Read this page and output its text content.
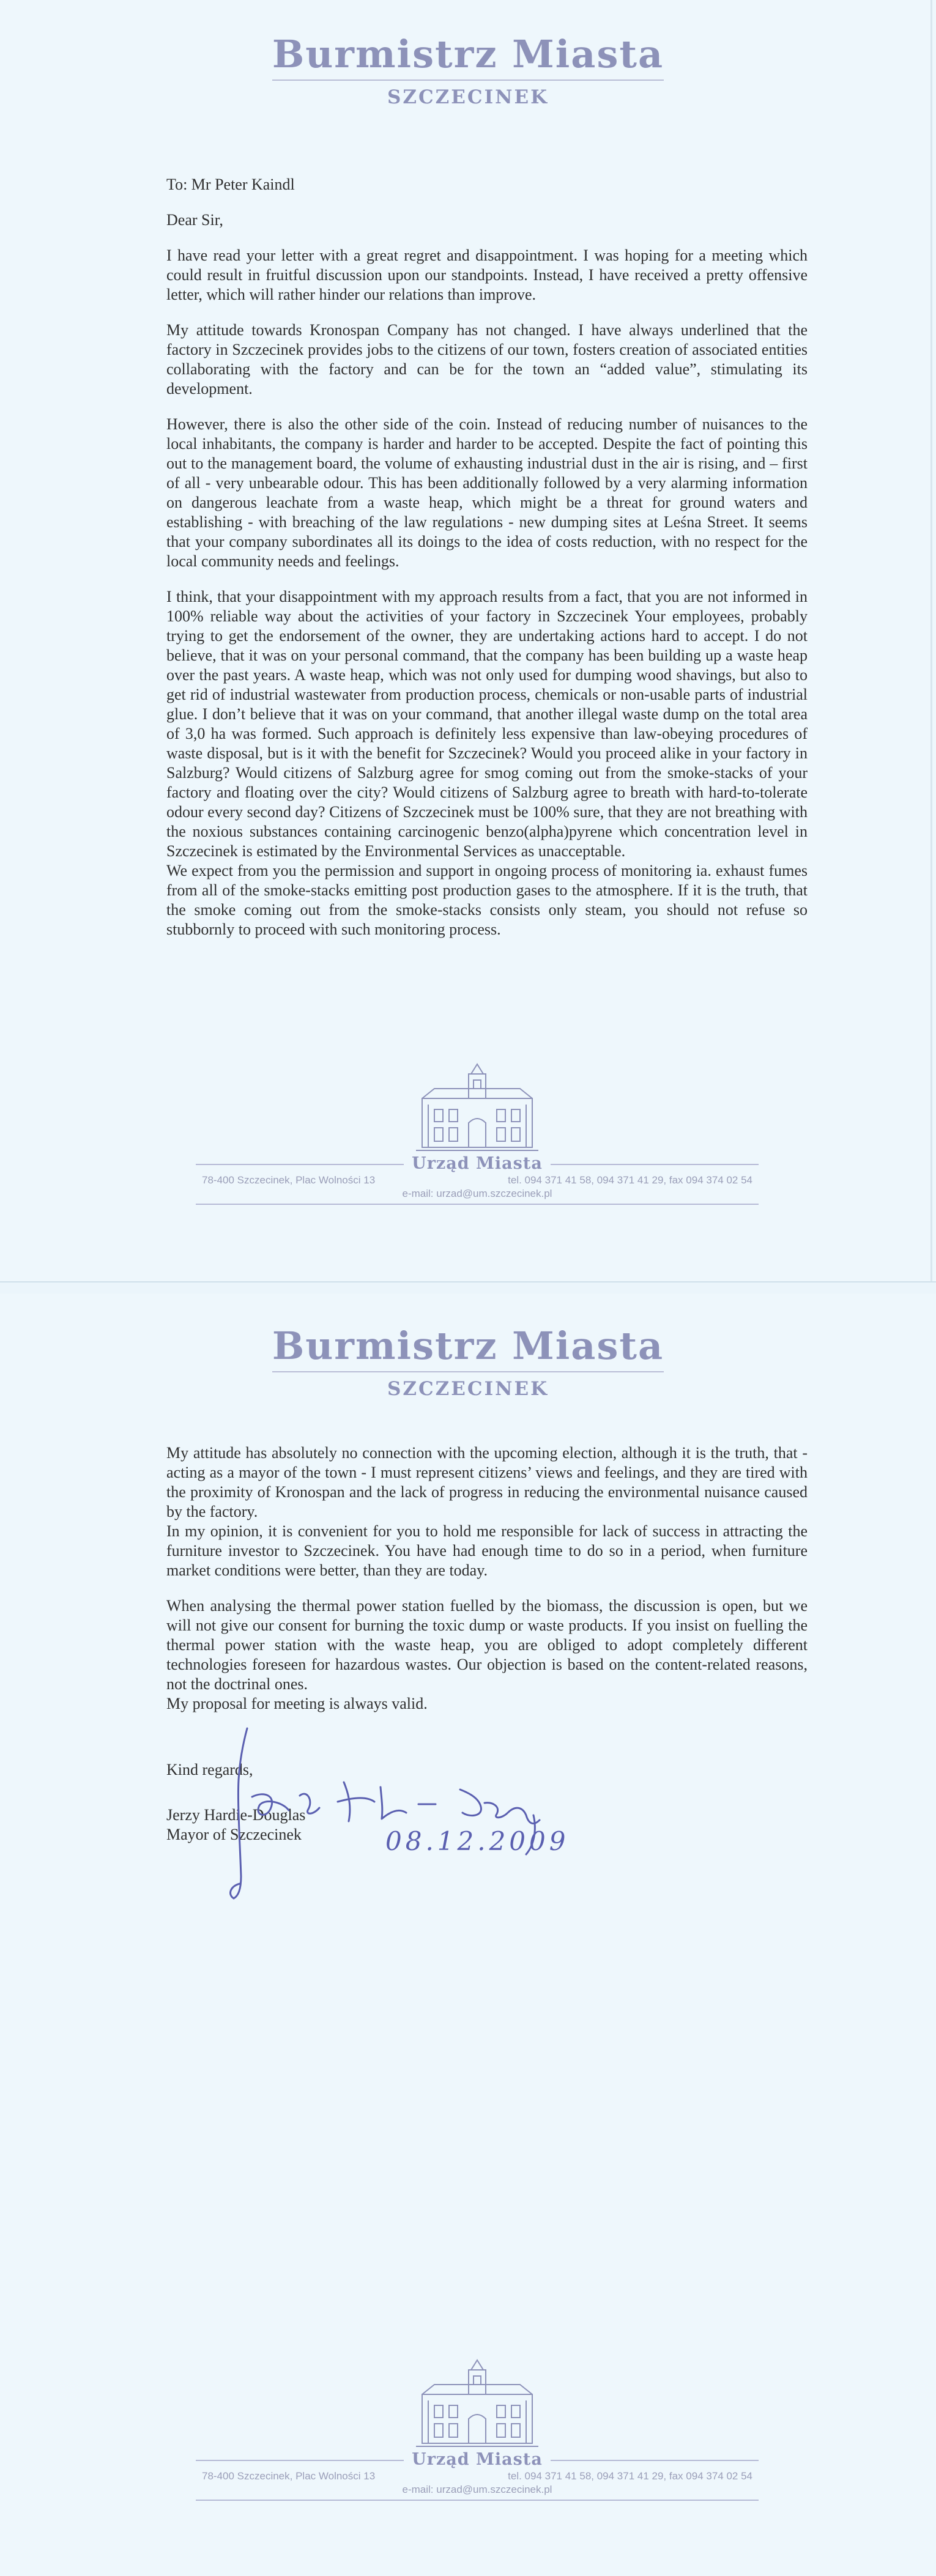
Burmistrz Miasta
SZCZECINEK

To: Mr Peter Kaindl

Dear Sir,

I have read your letter with a great regret and disappointment. I was hoping for a meeting which could result in fruitful discussion upon our standpoints. Instead, I have received a pretty offensive letter, which will rather hinder our relations than improve.

My attitude towards Kronospan Company has not changed. I have always underlined that the factory in Szczecinek provides jobs to the citizens of our town, fosters creation of associated entities collaborating with the factory and can be for the town an “added value”, stimulating its development.

However, there is also the other side of the coin. Instead of reducing number of nuisances to the local inhabitants, the company is harder and harder to be accepted. Despite the fact of pointing this out to the management board, the volume of exhausting industrial dust in the air is rising, and – first of all - very unbearable odour. This has been additionally followed by a very alarming information on dangerous leachate from a waste heap, which might be a threat for ground waters and establishing - with breaching of the law regulations - new dumping sites at Leśna Street. It seems that your company subordinates all its doings to the idea of costs reduction, with no respect for the local community needs and feelings.

I think, that your disappointment with my approach results from a fact, that you are not informed in 100% reliable way about the activities of your factory in Szczecinek Your employees, probably trying to get the endorsement of the owner, they are undertaking actions hard to accept. I do not believe, that it was on your personal command, that the company has been building up a waste heap over the past years. A waste heap, which was not only used for dumping wood shavings, but also to get rid of industrial wastewater from production process, chemicals or non-usable parts of industrial glue. I don’t believe that it was on your command, that another illegal waste dump on the total area of 3,0 ha was formed. Such approach is definitely less expensive than law-obeying procedures of waste disposal, but is it with the benefit for Szczecinek? Would you proceed alike in your factory in Salzburg? Would citizens of Salzburg agree for smog coming out from the smoke-stacks of your factory and floating over the city? Would citizens of Salzburg agree to breath with hard-to-tolerate odour every second day? Citizens of Szczecinek must be 100% sure, that they are not breathing with the noxious substances containing carcinogenic benzo(alpha)pyrene which concentration level in Szczecinek is estimated by the Environmental Services as unacceptable.

We expect from you the permission and support in ongoing process of monitoring ia. exhaust fumes from all of the smoke-stacks emitting post production gases to the atmosphere. If it is the truth, that the smoke coming out from the smoke-stacks consists only steam, you should not refuse so stubbornly to proceed with such monitoring process.

Urząd Miasta
78-400 Szczecinek, Plac Wolności 13	tel. 094 371 41 58, 094 371 41 29, fax 094 374 02 54
e-mail: urzad@um.szczecinek.pl
Burmistrz Miasta
SZCZECINEK

My attitude has absolutely no connection with the upcoming election, although it is the truth, that - acting as a mayor of the town - I must represent citizens’ views and feelings, and they are tired with the proximity of Kronospan and the lack of progress in reducing the environmental nuisance caused by the factory.

In my opinion, it is convenient for you to hold me responsible for lack of success in attracting the furniture investor to Szczecinek. You have had enough time to do so in a period, when furniture market conditions were better, than they are today.

When analysing the thermal power station fuelled by the biomass, the discussion is open, but we will not give our consent for burning the toxic dump or waste products. If you insist on fuelling the thermal power station with the waste heap, you are obliged to adopt completely different technologies foreseen for hazardous wastes. Our objection is based on the content-related reasons, not the doctrinal ones.

My proposal for meeting is always valid.

Urząd Miasta
78-400 Szczecinek, Plac Wolności 13	tel. 094 371 41 58, 094 371 41 29, fax 094 374 02 54
e-mail: urzad@um.szczecinek.pl
Kind regards,
Jerzy Hardie-Douglas
Mayor of Szczecinek	08.12.2009
